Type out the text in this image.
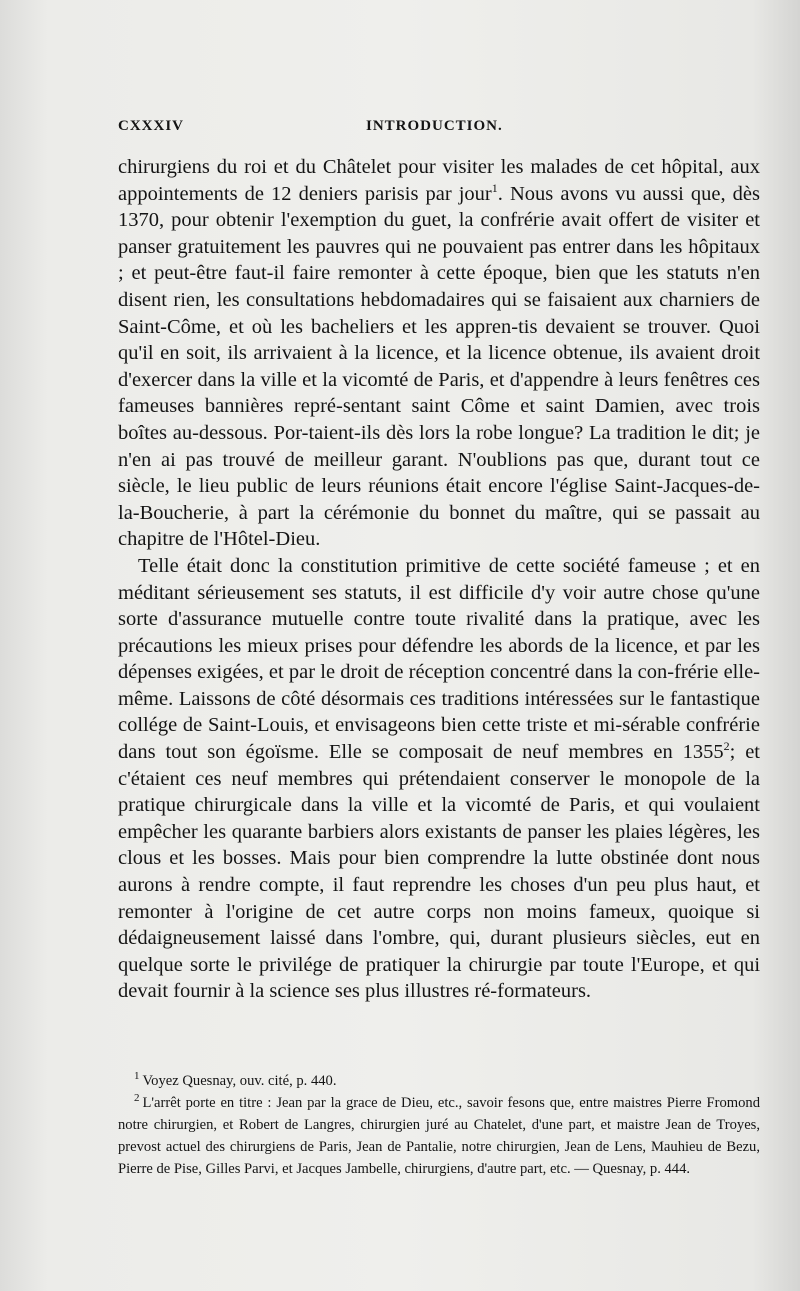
CXXXIV	INTRODUCTION.

chirurgiens du roi et du Châtelet pour visiter les malades de cet hôpital, aux appointements de 12 deniers parisis par jour$^1$. Nous avons vu aussi que, dès 1370, pour obtenir l'exemption du guet, la confrérie avait offert de visiter et panser gratuitement les pauvres qui ne pouvaient pas entrer dans les hôpitaux ; et peut-être faut-il faire remonter à cette époque, bien que les statuts n'en disent rien, les consultations hebdomadaires qui se faisaient aux charniers de Saint-Côme, et où les bacheliers et les appren-tis devaient se trouver. Quoi qu'il en soit, ils arrivaient à la licence, et la licence obtenue, ils avaient droit d'exercer dans la ville et la vicomté de Paris, et d'appendre à leurs fenêtres ces fameuses bannières repré-sentant saint Côme et saint Damien, avec trois boîtes au-dessous. Por-taient-ils dès lors la robe longue? La tradition le dit; je n'en ai pas trouvé de meilleur garant. N'oublions pas que, durant tout ce siècle, le lieu public de leurs réunions était encore l'église Saint-Jacques-de-la-Boucherie, à part la cérémonie du bonnet du maître, qui se passait au chapitre de l'Hôtel-Dieu.

Telle était donc la constitution primitive de cette société fameuse ; et en méditant sérieusement ses statuts, il est difficile d'y voir autre chose qu'une sorte d'assurance mutuelle contre toute rivalité dans la pratique, avec les précautions les mieux prises pour défendre les abords de la licence, et par les dépenses exigées, et par le droit de réception concentré dans la con-frérie elle-même. Laissons de côté désormais ces traditions intéressées sur le fantastique collége de Saint-Louis, et envisageons bien cette triste et mi-sérable confrérie dans tout son égoïsme. Elle se composait de neuf membres en 1355$^2$; et c'étaient ces neuf membres qui prétendaient conserver le monopole de la pratique chirurgicale dans la ville et la vicomté de Paris, et qui voulaient empêcher les quarante barbiers alors existants de panser les plaies légères, les clous et les bosses. Mais pour bien comprendre la lutte obstinée dont nous aurons à rendre compte, il faut reprendre les choses d'un peu plus haut, et remonter à l'origine de cet autre corps non moins fameux, quoique si dédaigneusement laissé dans l'ombre, qui, durant plusieurs siècles, eut en quelque sorte le privilége de pratiquer la chirurgie par toute l'Europe, et qui devait fournir à la science ses plus illustres ré-formateurs.

$^1$ Voyez Quesnay, ouv. cité, p. 440.

$^2$ L'arrêt porte en titre : Jean par la grace de Dieu, etc., savoir fesons que, entre maistres Pierre Fromond notre chirurgien, et Robert de Langres, chirurgien juré au Chatelet, d'une part, et maistre Jean de Troyes, prevost actuel des chirurgiens de Paris, Jean de Pantalie, notre chirurgien, Jean de Lens, Mauhieu de Bezu, Pierre de Pise, Gilles Parvi, et Jacques Jambelle, chirurgiens, d'autre part, etc. — Quesnay, p. 444.
